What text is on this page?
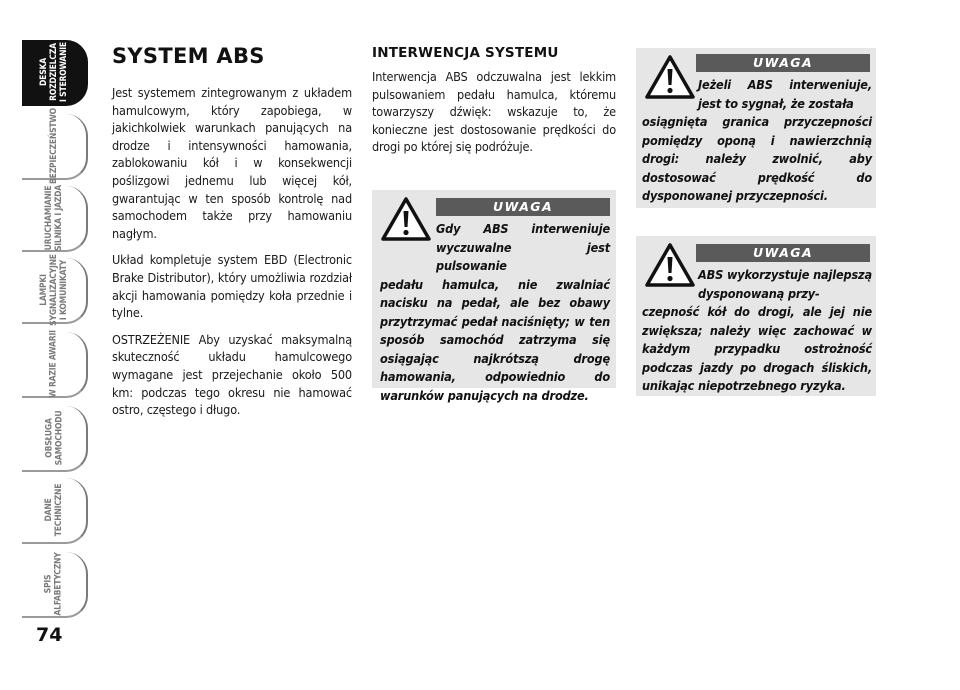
DESKA
ROZDZIELCZA
I STEROWANIE
BEZPIECZEŃSTWO
URUCHAMIANIE
SILNIKA I JAZDA
LAMPKI
SYGNALIZACYJNE
I KOMUNIKATY
W RAZIE AWARII
OBSŁUGA
SAMOCHODU
DANE
TECHNICZNE
SPIS
ALFABETYCZNY
74
SYSTEM ABS

Jest systemem zintegrowanym z układem hamulcowym, który zapobiega, w jakichkolwiek warunkach panujących na drodze i intensywności hamowania, zablokowaniu kół i w konsekwencji poślizgowi jednemu lub więcej kół, gwarantując w ten sposób kontrolę nad samochodem także przy hamowaniu nagłym.

Układ kompletuje system EBD (Electronic Brake Distributor), który umożliwia rozdział akcji hamowania pomiędzy koła przednie i tylne.

OSTRZEŻENIE Aby uzyskać maksymalną skuteczność układu hamulcowego wymagane jest przejechanie około 500 km: podczas tego okresu nie hamować ostro, częstego i długo.

INTERWENCJA SYSTEMU

Interwencja ABS odczuwalna jest lekkim pulsowaniem pedału hamulca, któremu towarzyszy dźwięk: wskazuje to, że konieczne jest dostosowanie prędkości do drogi po której się podróżuje.

UWAGA
Gdy ABS interweniuje wyczuwalne jest pulsowanie
pedału hamulca, nie zwalniać nacisku na pedał, ale bez obawy przytrzymać pedał naciśnięty; w ten sposób samochód zatrzyma się osiągając najkrótszą drogę hamowania, odpowiednio do warunków panujących na drodze.
UWAGA
Jeżeli ABS interweniuje, jest to sygnał, że została
osiągnięta granica przyczepności pomiędzy oponą i nawierzchnią drogi: należy zwolnić, aby dostosować prędkość do dysponowanej przyczepności.
UWAGA
ABS wykorzystuje najlepszą dysponowaną przy-
czepność kół do drogi, ale jej nie zwiększa; należy więc zachować w każdym przypadku ostrożność podczas jazdy po drogach śliskich, unikając niepotrzebnego ryzyka.
